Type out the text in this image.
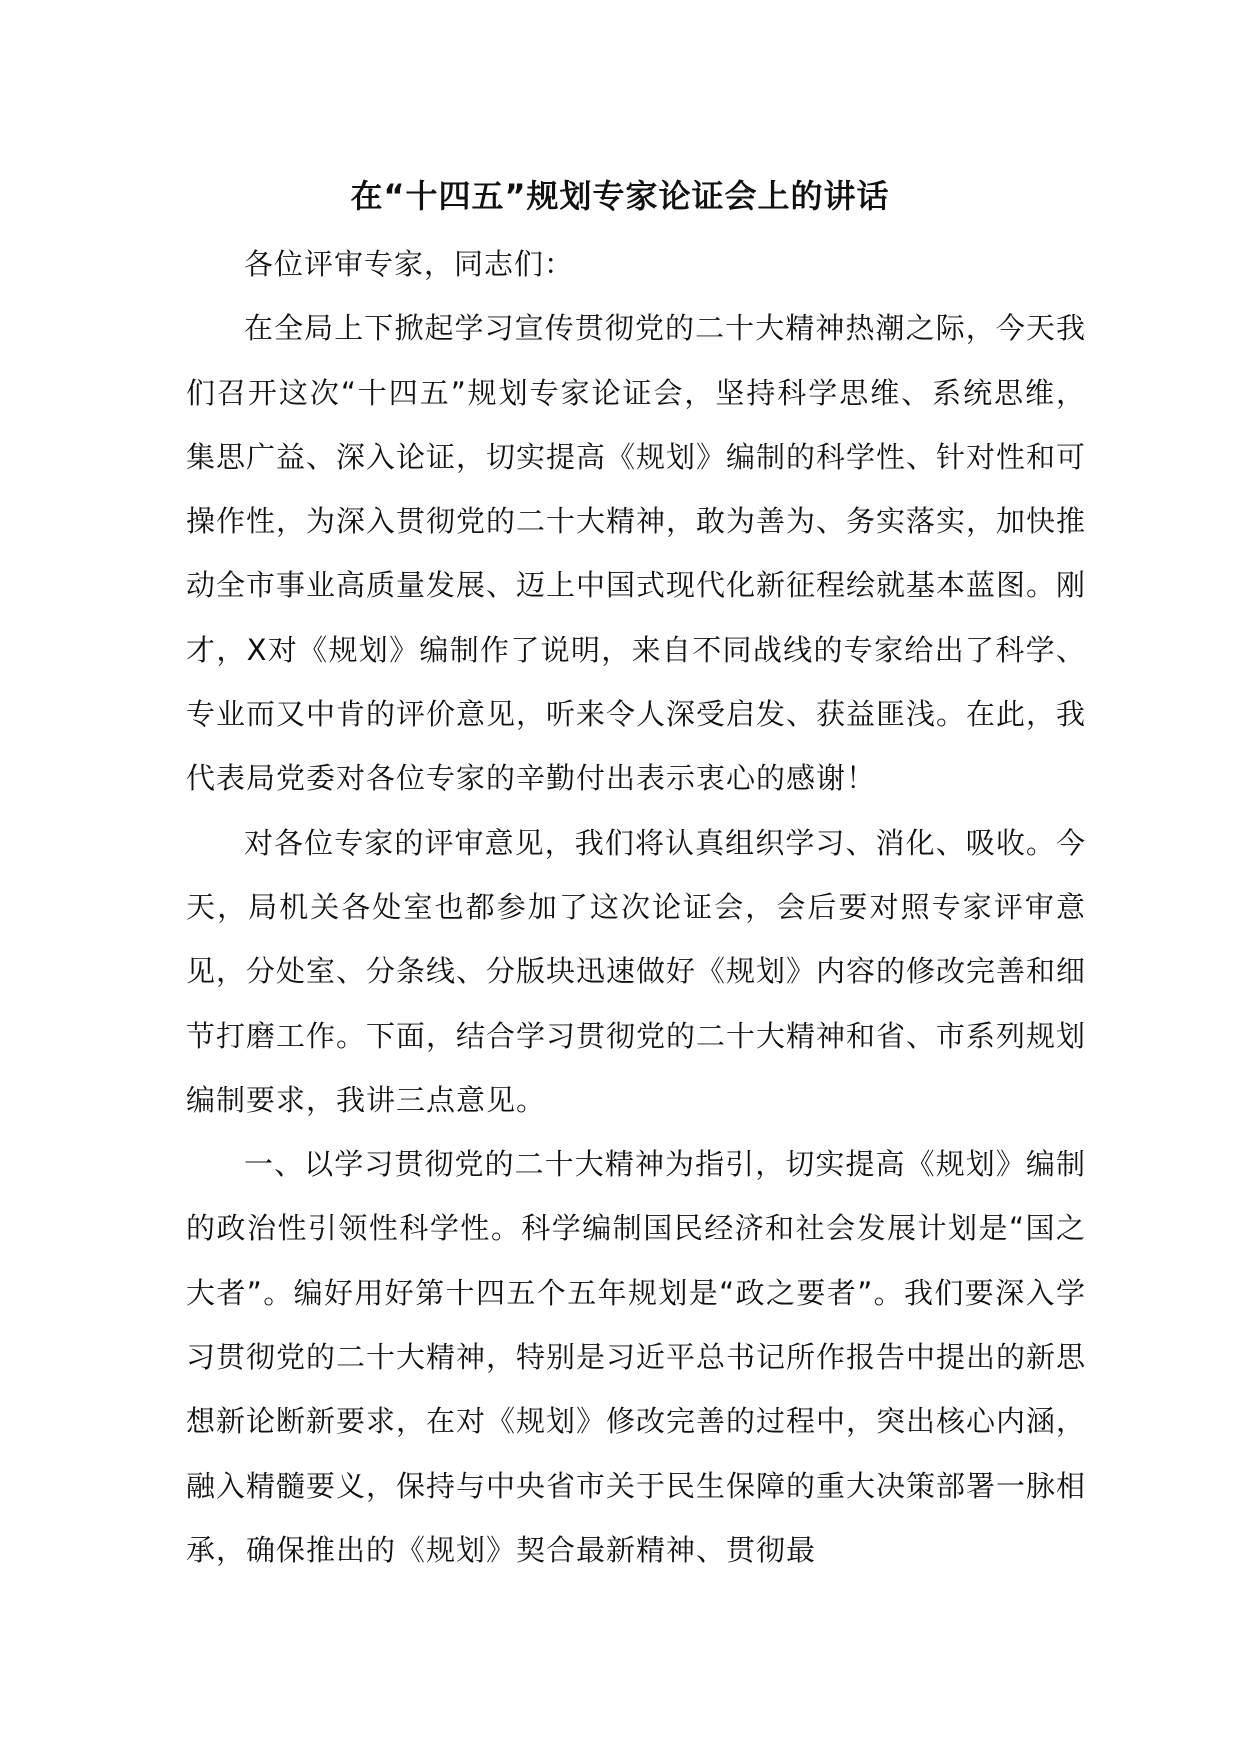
在“十四五”规划专家论证会上的讲话

各位评审专家，同志们：

在全局上下掀起学习宣传贯彻党的二十大精神热潮之际，今天我们召开这次“十四五”规划专家论证会，坚持科学思维、系统思维，集思广益、深入论证，切实提高《规划》编制的科学性、针对性和可操作性，为深入贯彻党的二十大精神，敢为善为、务实落实，加快推动全市事业高质量发展、迈上中国式现代化新征程绘就基本蓝图。刚才，X对《规划》编制作了说明，来自不同战线的专家给出了科学、专业而又中肯的评价意见，听来令人深受启发、获益匪浅。在此，我代表局党委对各位专家的辛勤付出表示衷心的感谢！

对各位专家的评审意见，我们将认真组织学习、消化、吸收。今天，局机关各处室也都参加了这次论证会，会后要对照专家评审意见，分处室、分条线、分版块迅速做好《规划》内容的修改完善和细节打磨工作。下面，结合学习贯彻党的二十大精神和省、市系列规划编制要求，我讲三点意见。

一、以学习贯彻党的二十大精神为指引，切实提高《规划》编制的政治性引领性科学性。科学编制国民经济和社会发展计划是“国之大者”。编好用好第十四五个五年规划是“政之要者”。我们要深入学习贯彻党的二十大精神，特别是习近平总书记所作报告中提出的新思想新论断新要求，在对《规划》修改完善的过程中，突出核心内涵，融入精髓要义，保持与中央省市关于民生保障的重大决策部署一脉相承，确保推出的《规划》契合最新精神、贯彻最
